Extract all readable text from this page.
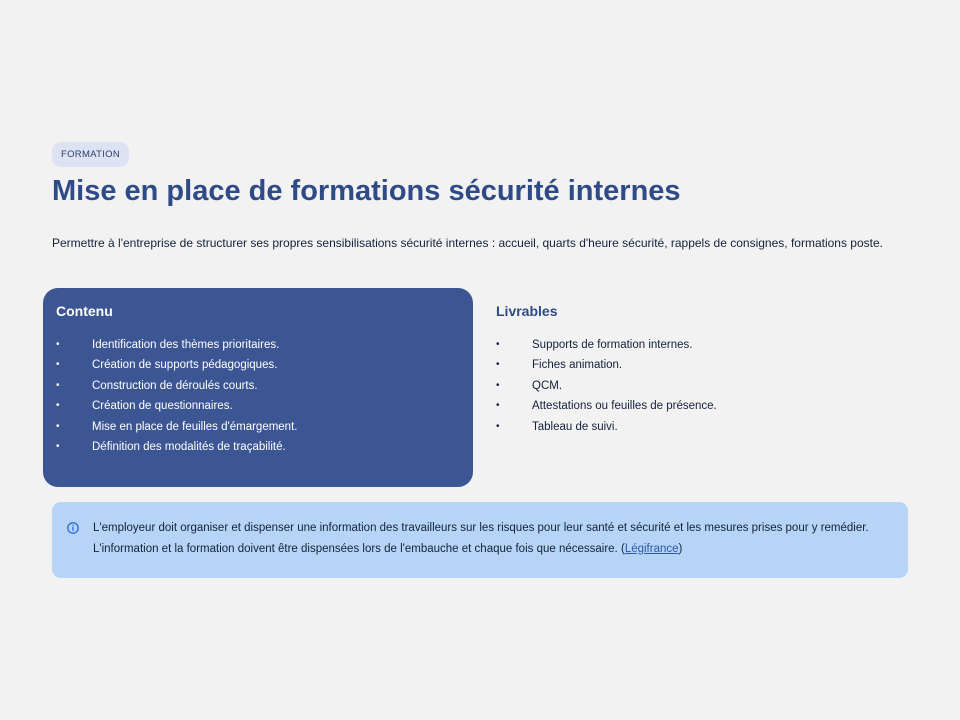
FORMATION
Mise en place de formations sécurité internes

Permettre à l'entreprise de structurer ses propres sensibilisations sécurité internes : accueil, quarts d'heure sécurité, rappels de consignes, formations poste.

Contenu
•	Identification des thèmes prioritaires.
•	Création de supports pédagogiques.
•	Construction de déroulés courts.
•	Création de questionnaires.
•	Mise en place de feuilles d'émargement.
•	Définition des modalités de traçabilité.
Livrables
•	Supports de formation internes.
•	Fiches animation.
•	QCM.
•	Attestations ou feuilles de présence.
•	Tableau de suivi.

L'employeur doit organiser et dispenser une information des travailleurs sur les risques pour leur santé et sécurité et les mesures prises pour y remédier. L'information et la formation doivent être dispensées lors de l'embauche et chaque fois que nécessaire. (Légifrance)
